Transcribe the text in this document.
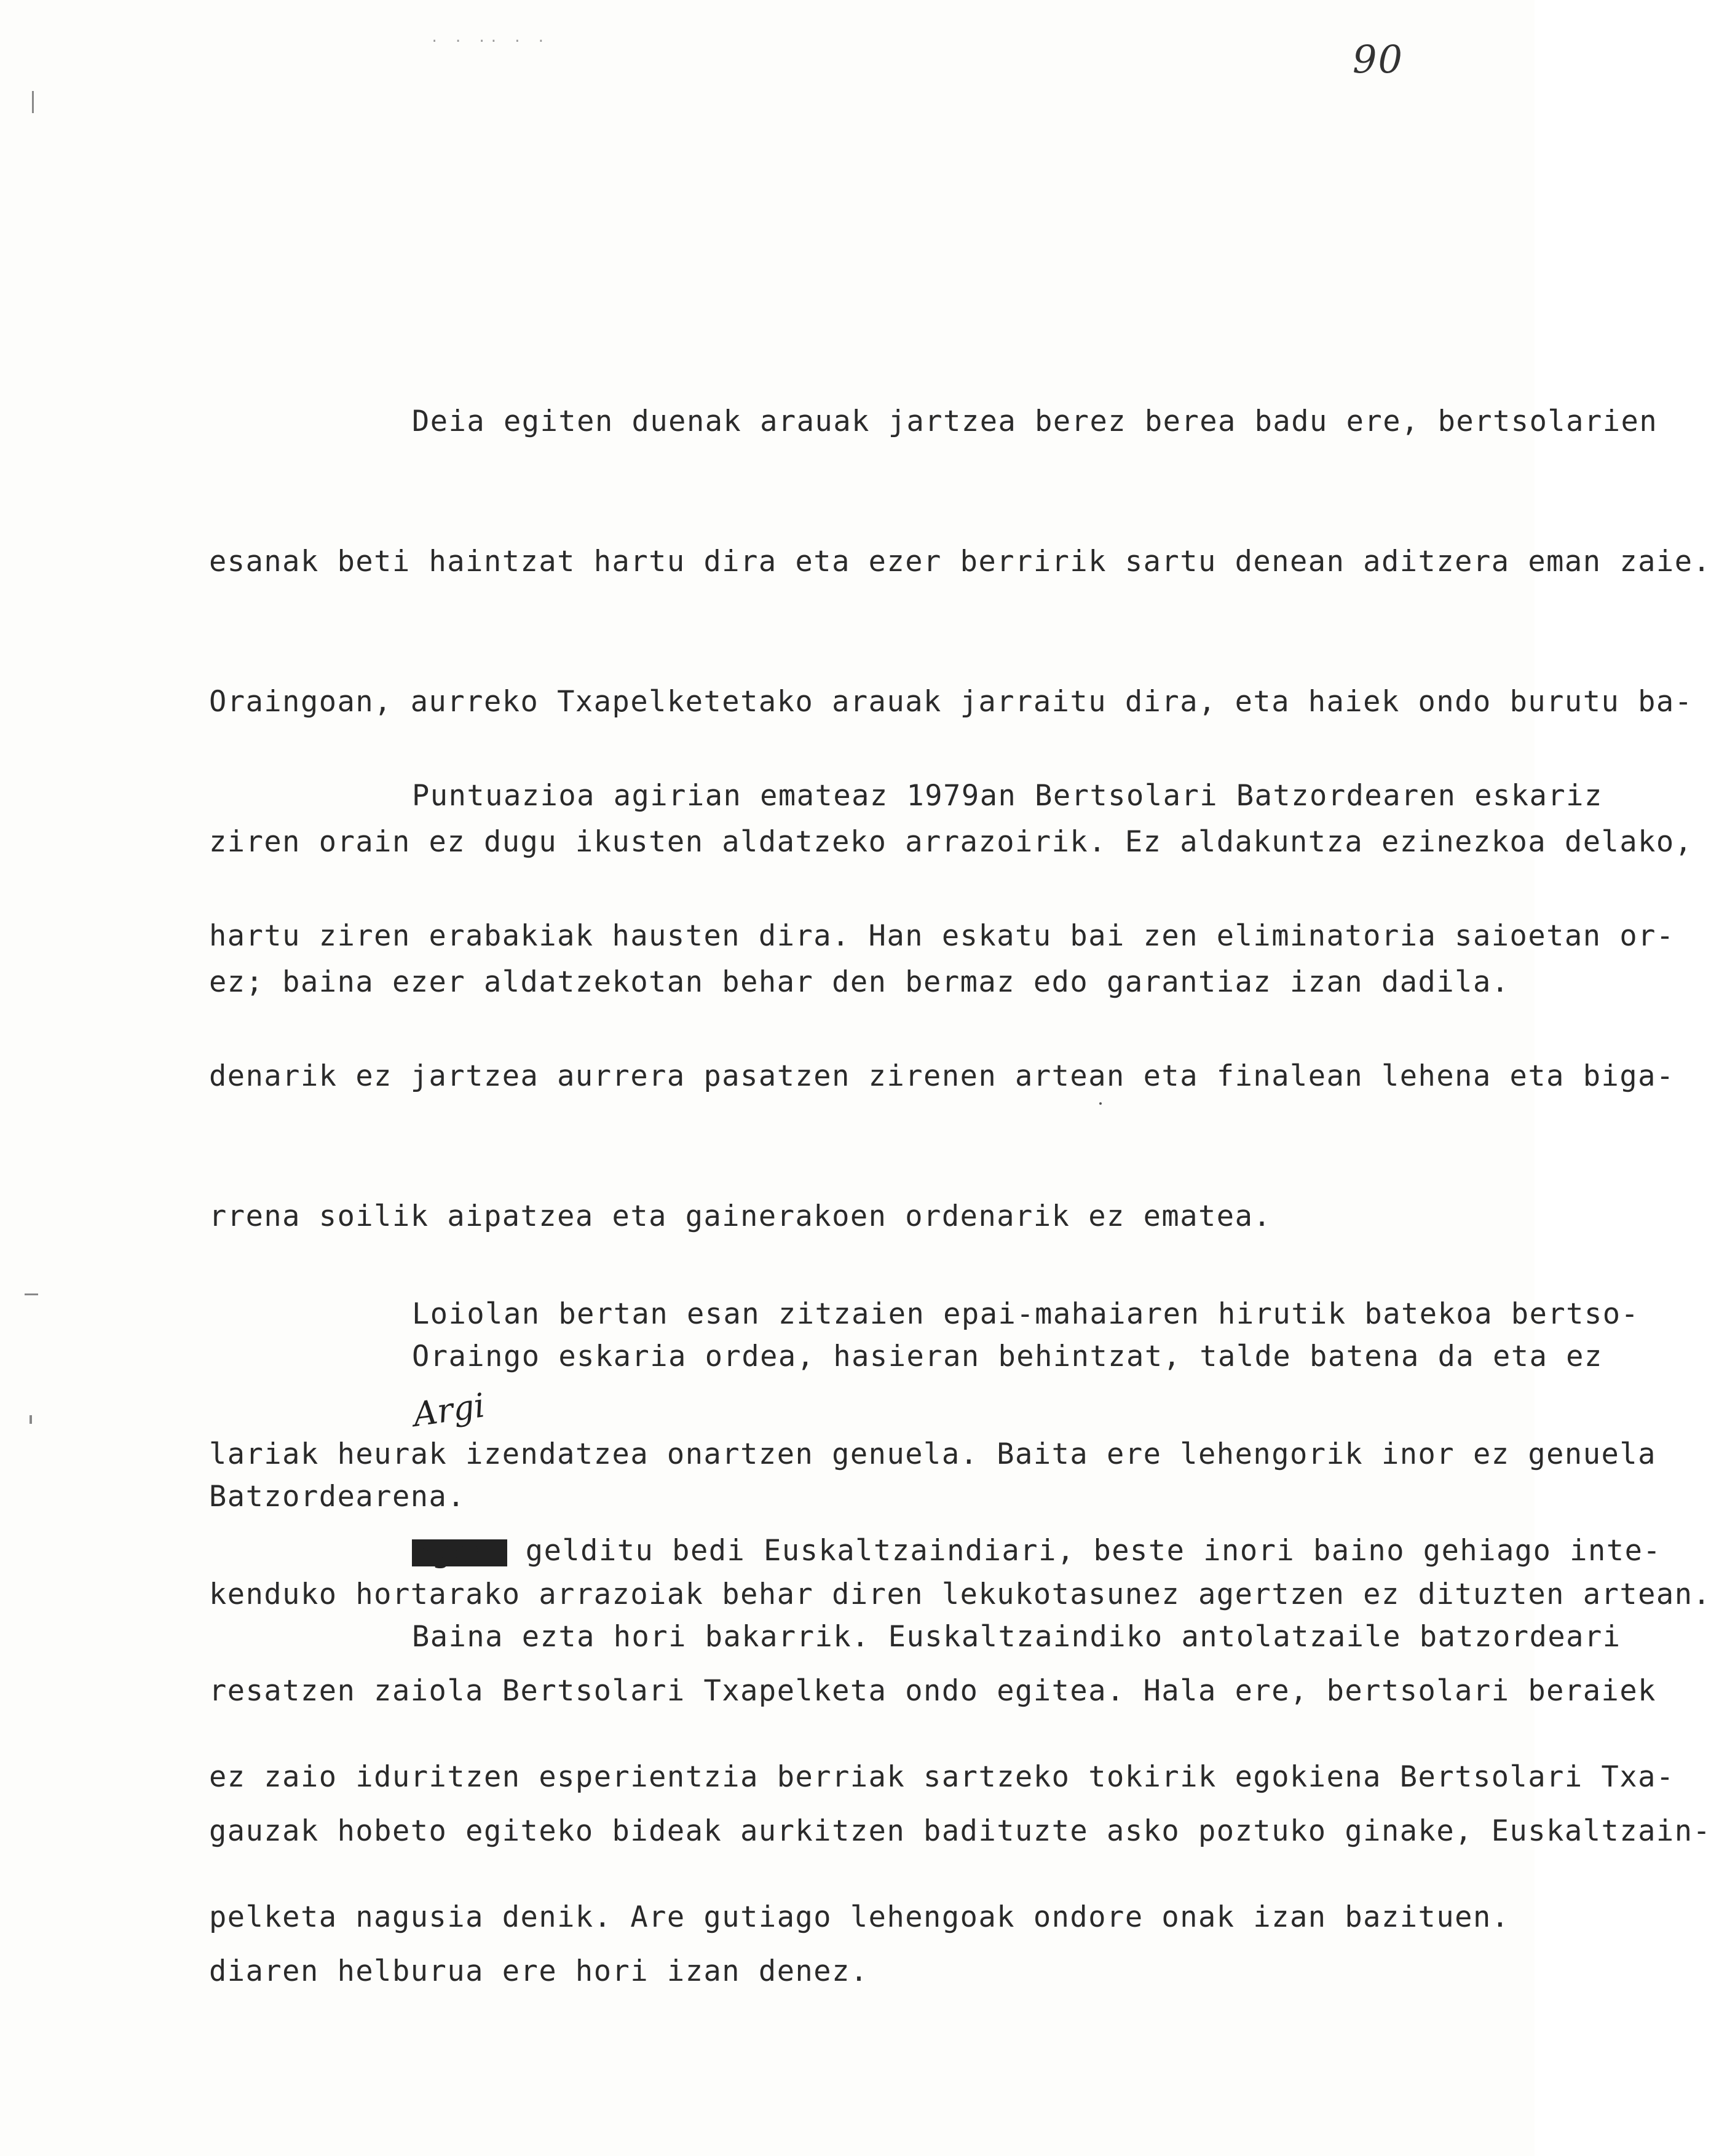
· · ·· · ·	90

Deia egiten duenak arauak jartzea berez berea badu ere, bertsolarien

esanak beti haintzat hartu dira eta ezer berririk sartu denean aditzera eman zaie.

Oraingoan, aurreko Txapelketetako arauak jarraitu dira, eta haiek ondo burutu ba-

ziren orain ez dugu ikusten aldatzeko arrazoirik. Ez aldakuntza ezinezkoa delako,

ez; baina ezer aldatzekotan behar den bermaz edo garantiaz izan dadila.

Puntuazioa agirian emateaz 1979an Bertsolari Batzordearen eskariz

hartu ziren erabakiak hausten dira. Han eskatu bai zen eliminatoria saioetan or-

denarik ez jartzea aurrera pasatzen zirenen artean eta finalean lehena eta biga-

rrena soilik aipatzea eta gainerakoen ordenarik ez ematea.

Oraingo eskaria ordea, hasieran behintzat, talde batena da eta ez

Batzordearena.

Baina ezta hori bakarrik. Euskaltzaindiko antolatzaile batzordeari

ez zaio iduritzen esperientzia berriak sartzeko tokirik egokiena Bertsolari Txa-

pelketa nagusia denik. Are gutiago lehengoak ondore onak izan bazituen.

Loiolan bertan esan zitzaien epai-mahaiaren hirutik batekoa bertso-

lariak heurak izendatzea onartzen genuela. Baita ere lehengorik inor ez genuela

kenduko hortarako arrazoiak behar diren lekukotasunez agertzen ez dituzten artean.

Argi

Agerī gelditu bedi Euskaltzaindiari, beste inori baino gehiago inte-

resatzen zaiola Bertsolari Txapelketa ondo egitea. Hala ere, bertsolari beraiek

gauzak hobeto egiteko bideak aurkitzen badituzte asko poztuko ginake, Euskaltzain-

diaren helburua ere hori izan denez.
